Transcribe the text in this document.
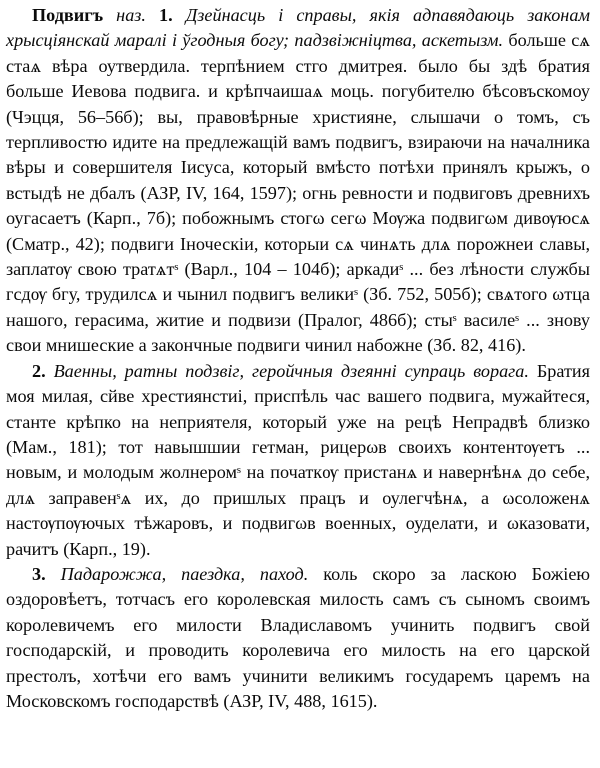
Подвигъ наз. 1. Дзейнасць і справы, якія адпавядаюць законам хрысціянскай маралі і ўгодныя богу; падзвіжніцтва, аскетызм. больше сѧ стаѧ вѣра оутвердила. терпѣнием стго дмитрея. было бы здѣ братия больше Иевова подвига. и крѣпчаишаѧ моць. погубителю бѣсовъскомоу (Чэцця, 56–56б); вы, правовѣрные християне, слышачи о томъ, съ терпливостю идите на предлежащій вамъ подвигъ, взираючи на началника вѣры и совершителя Іисуса, который вмѣсто потѣхи принялъ крыжъ, о встыдѣ не дбалъ (АЗР, IV, 164, 1597); огнь ревности и подвиговъ древнихъ оугасаетъ (Карп., 7б); побожнымъ стогω сегω Мѹжа подвигωм дивѹюсѧ (Сматр., 42); подвиги Іноческіи, которыи сѧ чинѧть длѧ порожнеи славы, заплатѹ свою тратѧтˢ (Варл., 104 – 104б); аркадиˢ ... без лѣности службы гсдѹ бгу, трудилсѧ и чынил подвигъ великиˢ (Зб. 752, 505б); свѧтого ωтца нашого, герасима, житие и подвизи (Пралог, 486б); стыˢ василеˢ ... знову свои мнишеские а закончные подвиги чинил набожне (Зб. 82, 416).

2. Ваенны, ратны подзвіг, геройчныя дзеянні супраць ворага. Братия моя милая, сйве хрестиянстиі, приспѣль час вашего подвига, мужайтеся, станте крѣпко на неприятеля, который уже на рецѣ Непрадвѣ близко (Мам., 181); тот навышшии гетман, рицерωв своихъ контентѹетъ ... новым, и молодым жолнеромˢ на початкѹ пристанѧ и навернѣнѧ до себе, длѧ заправенˢѧ их, до пришлых працъ и оулегчѣнѧ, а ωсоложенѧ настѹпѹючых тѣжаровъ, и подвигωв военных, оуделати, и ωказовати, рачитъ (Карп., 19).

3. Падарожжа, паездка, паход. коль скоро за ласкою Божіею оздоровѣетъ, тотчасъ его королевская милость самъ съ сыномъ своимъ королевичемъ его милости Владиславомъ учинить подвигъ свой господарскій, и проводить королевича его милость на его царской престолъ, хотѣчи его вамъ учинити великимъ государемъ царемъ на Московскомъ господарствѣ (АЗР, IV, 488, 1615).
